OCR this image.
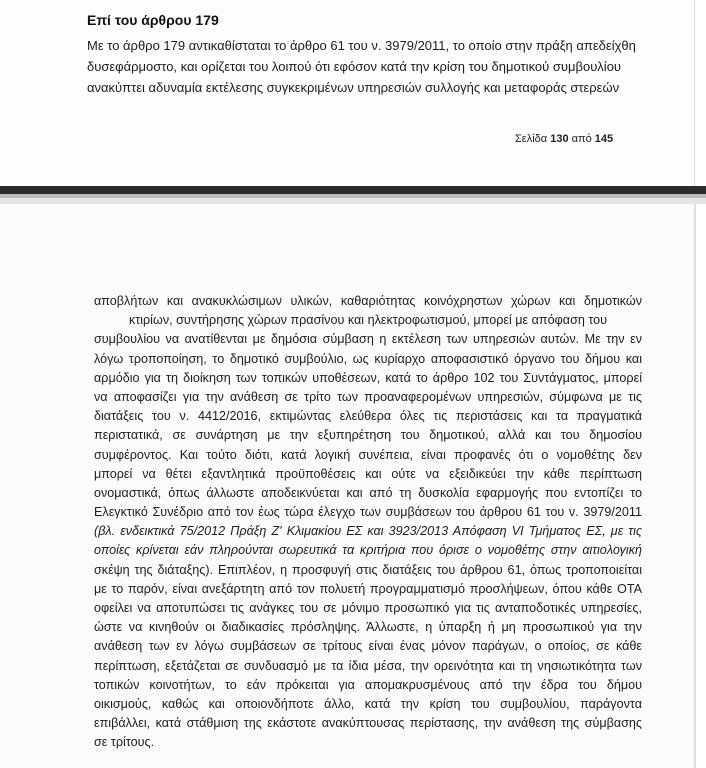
Επί του άρθρου 179
Με το άρθρο 179 αντικαθίσταται το άρθρο 61 του ν. 3979/2011, το οποίο στην πράξη απεδείχθη
δυσεφάρμοστο, και ορίζεται του λοιπού ότι εφόσον κατά την κρίση του δημοτικού συμβουλίου
ανακύπτει αδυναμία εκτέλεσης συγκεκριμένων υπηρεσιών συλλογής και μεταφοράς στερεών
Σελίδα 130 από 145
αποβλήτων και ανακυκλώσιμων υλικών, καθαριότητας κοινόχρηστων χώρων και δημοτικών
κτιρίων, συντήρησης χώρων πρασίνου και ηλεκτροφωτισμού, μπορεί με απόφαση του
συμβουλίου να ανατίθενται με δημόσια σύμβαση η εκτέλεση των υπηρεσιών αυτών. Με την εν
λόγω τροποποίηση, το δημοτικό συμβούλιο, ως κυρίαρχο αποφασιστικό όργανο του δήμου και
αρμόδιο για τη διοίκηση των τοπικών υποθέσεων, κατά το άρθρο 102 του Συντάγματος, μπορεί
να αποφασίζει για την ανάθεση σε τρίτο των προαναφερομένων υπηρεσιών, σύμφωνα με τις
διατάξεις του ν. 4412/2016, εκτιμώντας ελεύθερα όλες τις περιστάσεις και τα πραγματικά
περιστατικά, σε συνάρτηση με την εξυπηρέτηση του δημοτικού, αλλά και του δημοσίου
συμφέροντος. Και τούτο διότι, κατά λογική συνέπεια, είναι προφανές ότι ο νομοθέτης δεν
μπορεί να θέτει εξαντλητικά προϋποθέσεις και ούτε να εξειδικεύει την κάθε περίπτωση
ονομαστικά, όπως άλλωστε αποδεικνύεται και από τη δυσκολία εφαρμογής που εντοπίζει το
Ελεγκτικό Συνέδριο από τον έως τώρα έλεγχο των συμβάσεων του άρθρου 61 του ν. 3979/2011
(βλ. ενδεικτικά 75/2012 Πράξη Ζ' Κλιμακίου ΕΣ και 3923/2013 Απόφαση VI Τμήματος ΕΣ, με τις
οποίες κρίνεται εάν πληρούνται σωρευτικά τα κριτήρια που όρισε ο νομοθέτης στην αιτιολογική
σκέψη της διάταξης). Επιπλέον, η προσφυγή στις διατάξεις του άρθρου 61, όπως τροποποιείται
με το παρόν, είναι ανεξάρτητη από τον πολυετή προγραμματισμό προσλήψεων, όπου κάθε ΟΤΑ
οφείλει να αποτυπώσει τις ανάγκες του σε μόνιμο προσωπικό για τις ανταποδοτικές υπηρεσίες,
ώστε να κινηθούν οι διαδικασίες πρόσληψης. Άλλωστε, η ύπαρξη ή μη προσωπικού για την
ανάθεση των εν λόγω συμβάσεων σε τρίτους είναι ένας μόνον παράγων, ο οποίος, σε κάθε
περίπτωση, εξετάζεται σε συνδυασμό με τα ίδια μέσα, την ορεινότητα και τη νησιωτικότητα των
τοπικών κοινοτήτων, το εάν πρόκειται για απομακρυσμένους από την έδρα του δήμου
οικισμούς, καθώς και οποιονδήποτε άλλο, κατά την κρίση του συμβουλίου, παράγοντα
επιβάλλει, κατά στάθμιση της εκάστοτε ανακύπτουσας περίστασης, την ανάθεση της σύμβασης
σε τρίτους.
